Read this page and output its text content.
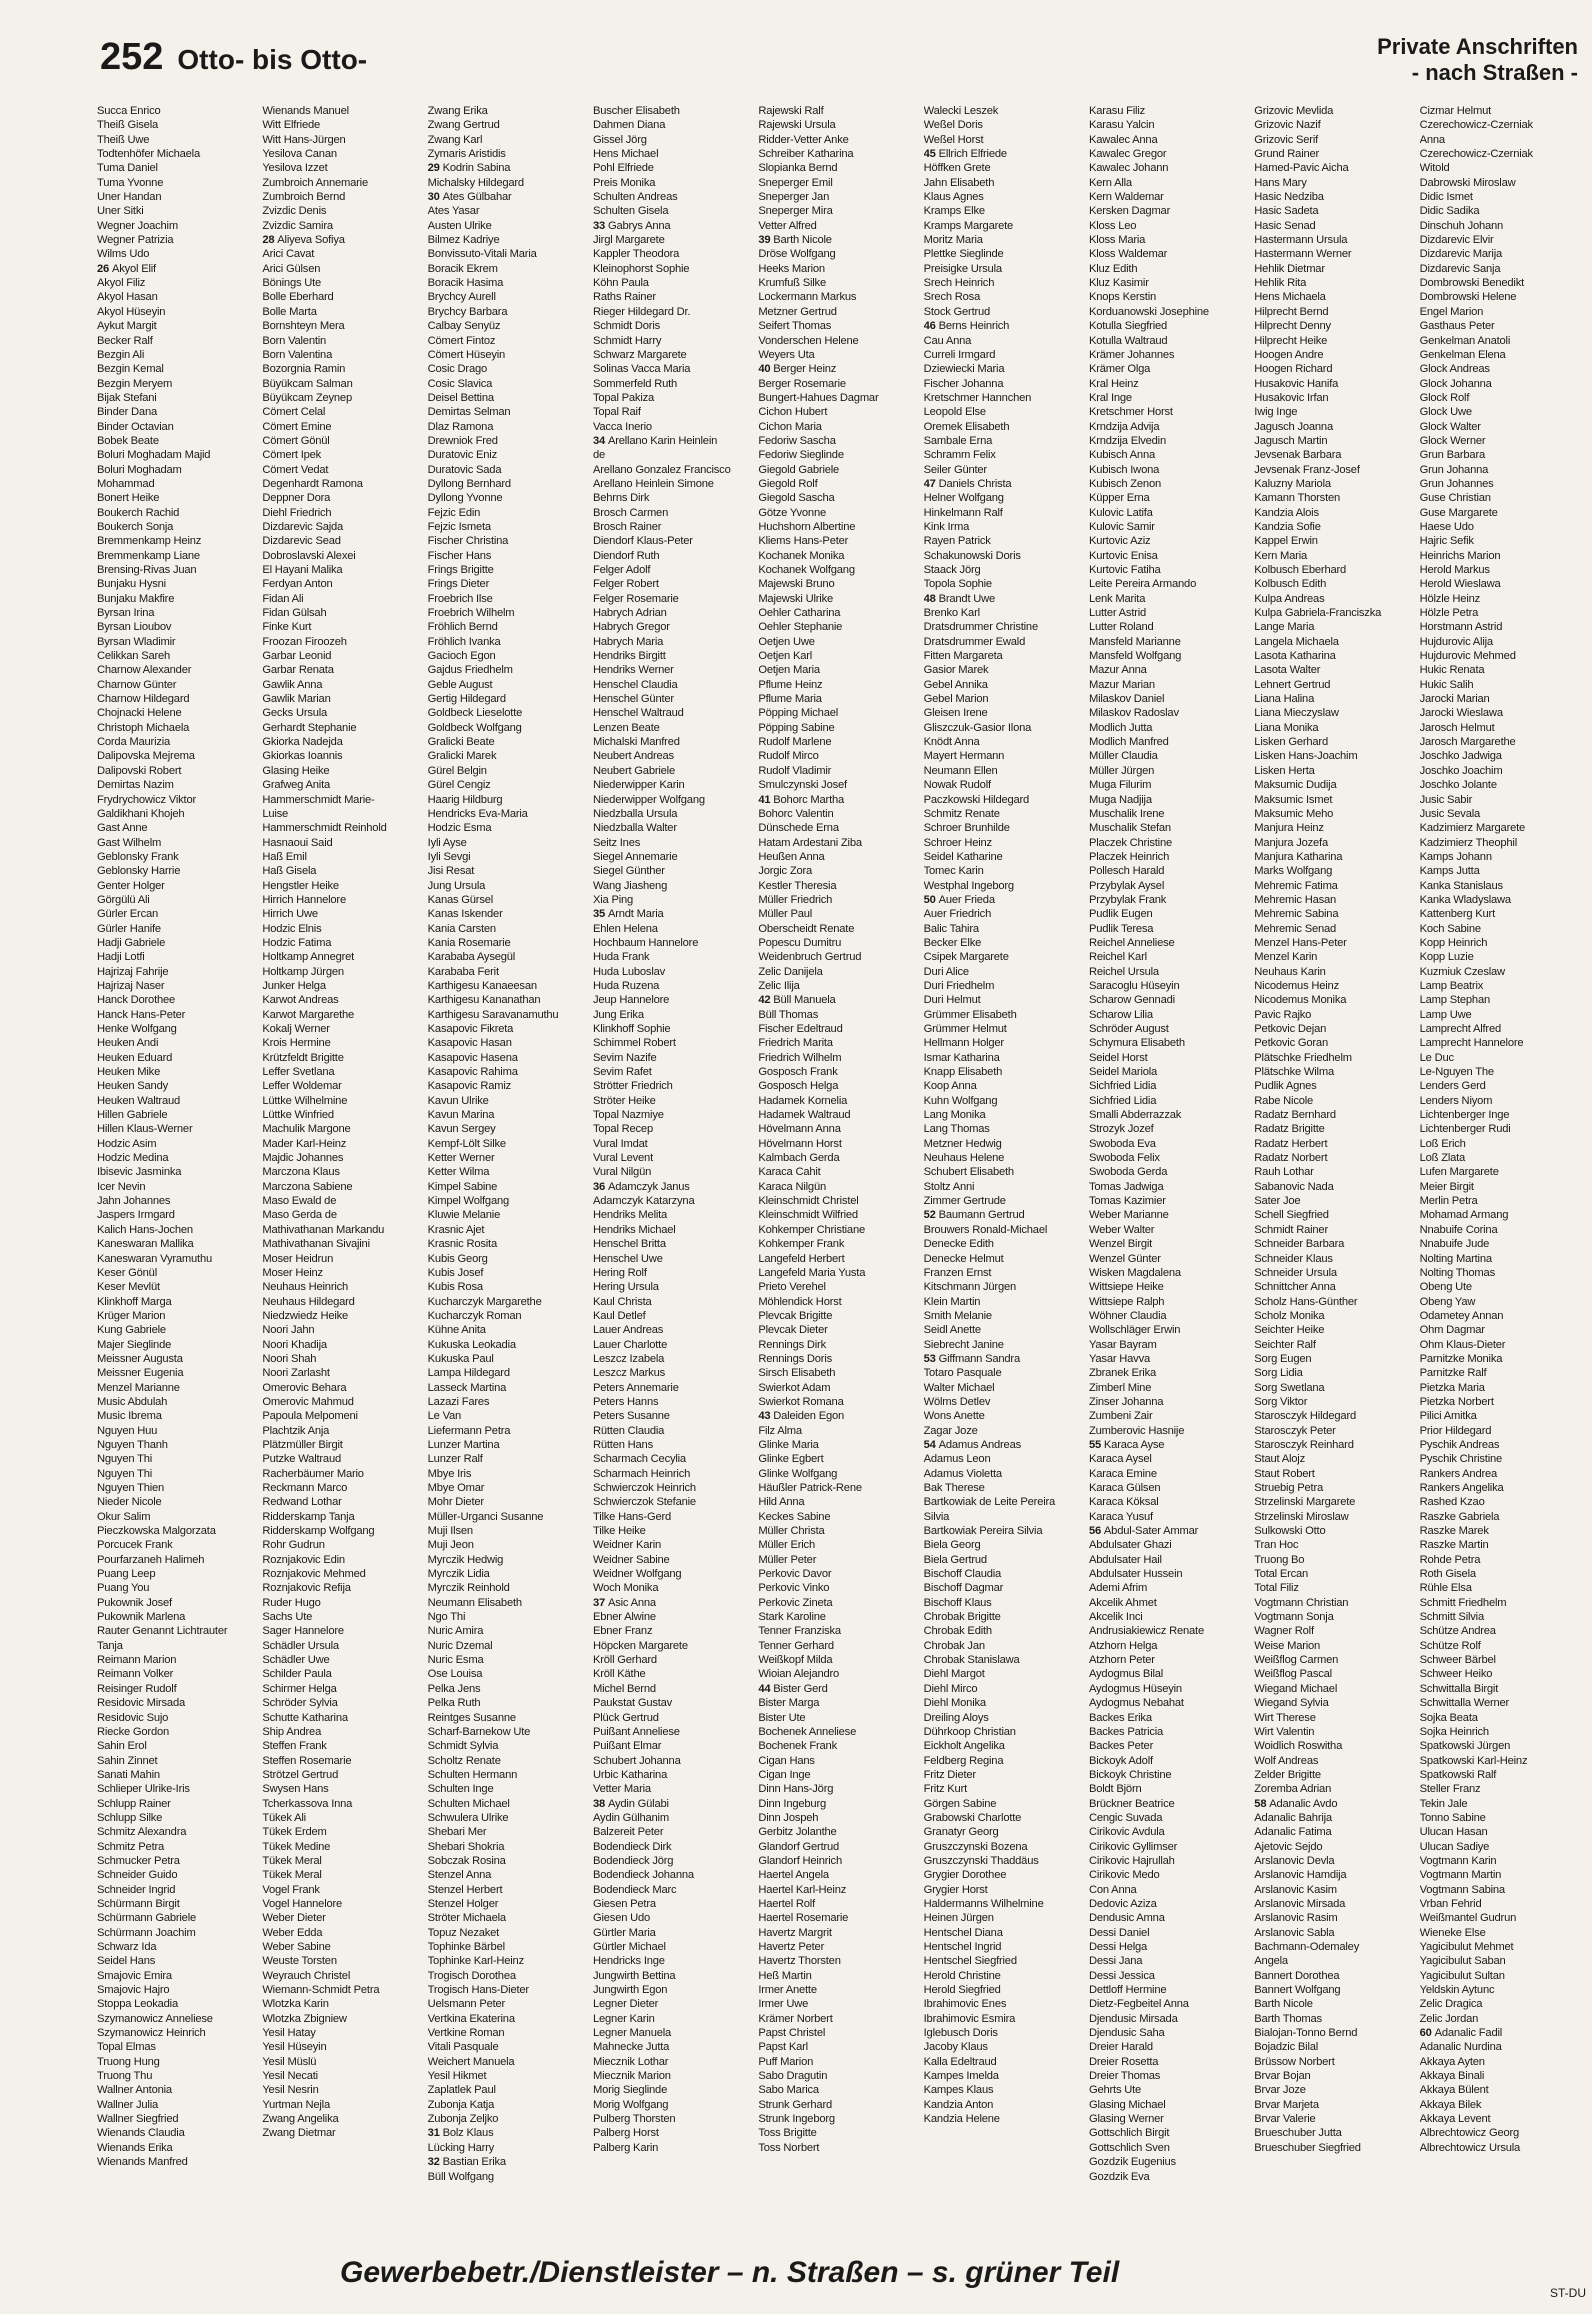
252 Otto- bis Otto-	Private Anschriften
- nach Straßen -
Succa Enrico
Theiß Gisela
Theiß Uwe
Todtenhöfer Michaela
Tuma Daniel
Tuma Yvonne
Uner Handan
Uner Sitki
Wegner Joachim
Wegner Patrizia
Wilms Udo
26 Akyol Elif
Akyol Filiz
Akyol Hasan
Akyol Hüseyin
Aykut Margit
Becker Ralf
Bezgin Ali
Bezgin Kemal
Bezgin Meryem
Bijak Stefani
Binder Dana
Binder Octavian
Bobek Beate
Boluri Moghadam Majid
Boluri Moghadam
Mohammad
Bonert Heike
Boukerch Rachid
Boukerch Sonja
Bremmenkamp Heinz
Bremmenkamp Liane
Brensing-Rivas Juan
Bunjaku Hysni
Bunjaku Makfire
Byrsan Irina
Byrsan Lioubov
Byrsan Wladimir
Celikkan Sareh
Charnow Alexander
Charnow Günter
Charnow Hildegard
Chojnacki Helene
Christoph Michaela
Corda Maurizia
Dalipovska Mejrema
Dalipovski Robert
Demirtas Nazim
Frydrychowicz Viktor
Galdikhani Khojeh
Gast Anne
Gast Wilhelm
Geblonsky Frank
Geblonsky Harrie
Genter Holger
Görgülü Ali
Gürler Ercan
Gürler Hanife
Hadji Gabriele
Hadji Lotfi
Hajrizaj Fahrije
Hajrizaj Naser
Hanck Dorothee
Hanck Hans-Peter
Henke Wolfgang
Heuken Andi
Heuken Eduard
Heuken Mike
Heuken Sandy
Heuken Waltraud
Hillen Gabriele
Hillen Klaus-Werner
Hodzic Asim
Hodzic Medina
Ibisevic Jasminka
Icer Nevin
Jahn Johannes
Jaspers Irmgard
Kalich Hans-Jochen
Kaneswaran Mallika
Kaneswaran Vyramuthu
Keser Gönül
Keser Mevlüt
Klinkhoff Marga
Krüger Marion
Kung Gabriele
Majer Sieglinde
Meissner Augusta
Meissner Eugenia
Menzel Marianne
Music Abdulah
Music Ibrema
Nguyen Huu
Nguyen Thanh
Nguyen Thi
Nguyen Thi
Nguyen Thien
Nieder Nicole
Okur Salim
Pieczkowska Malgorzata
Porcucek Frank
Pourfarzaneh Halimeh
Puang Leep
Puang You
Pukownik Josef
Pukownik Marlena
Rauter Genannt Lichtrauter
Tanja
Reimann Marion
Reimann Volker
Reisinger Rudolf
Residovic Mirsada
Residovic Sujo
Riecke Gordon
Sahin Erol
Sahin Zinnet
Sanati Mahin
Schlieper Ulrike-Iris
Schlupp Rainer
Schlupp Silke
Schmitz Alexandra
Schmitz Petra
Schmucker Petra
Schneider Guido
Schneider Ingrid
Schürmann Birgit
Schürmann Gabriele
Schürmann Joachim
Schwarz Ida
Seidel Hans
Smajovic Emira
Smajovic Hajro
Stoppa Leokadia
Szymanowicz Anneliese
Szymanowicz Heinrich
Topal Elmas
Truong Hung
Truong Thu
Wallner Antonia
Wallner Julia
Wallner Siegfried
Wienands Claudia
Wienands Erika
Wienands Manfred
Wienands Manuel
Witt Elfriede
Witt Hans-Jürgen
Yesilova Canan
Yesilova Izzet
Zumbroich Annemarie
Zumbroich Bernd
Zvizdic Denis
Zvizdic Samira
28 Aliyeva Sofiya
Arici Cavat
Arici Gülsen
Bönings Ute
Bolle Eberhard
Bolle Marta
Bornshteyn Mera
Born Valentin
Born Valentina
Bozorgnia Ramin
Büyükcam Salman
Büyükcam Zeynep
Cömert Celal
Cömert Emine
Cömert Gönül
Cömert Ipek
Cömert Vedat
Degenhardt Ramona
Deppner Dora
Diehl Friedrich
Dizdarevic Sajda
Dizdarevic Sead
Dobroslavski Alexei
El Hayani Malika
Ferdyan Anton
Fidan Ali
Fidan Gülsah
Finke Kurt
Froozan Firoozeh
Garbar Leonid
Garbar Renata
Gawlik Anna
Gawlik Marian
Gecks Ursula
Gerhardt Stephanie
Gkiorka Nadejda
Gkiorkas Ioannis
Glasing Heike
Grafweg Anita
Hammerschmidt Marie-
Luise
Hammerschmidt Reinhold
Hasnaoui Said
Haß Emil
Haß Gisela
Hengstler Heike
Hirrich Hannelore
Hirrich Uwe
Hodzic Elnis
Hodzic Fatima
Holtkamp Annegret
Holtkamp Jürgen
Junker Helga
Karwot Andreas
Karwot Margarethe
Kokalj Werner
Krois Hermine
Krützfeldt Brigitte
Leffer Svetlana
Leffer Woldemar
Lüttke Wilhelmine
Lüttke Winfried
Machulik Margone
Mader Karl-Heinz
Majdic Johannes
Marczona Klaus
Marczona Sabiene
Maso Ewald de
Maso Gerda de
Mathivathanan Markandu
Mathivathanan Sivajini
Moser Heidrun
Moser Heinz
Neuhaus Heinrich
Neuhaus Hildegard
Niedzwiedz Heike
Noori Jahn
Noori Khadija
Noori Shah
Noori Zarlasht
Omerovic Behara
Omerovic Mahmud
Papoula Melpomeni
Plachtzik Anja
Plätzmüller Birgit
Putzke Waltraud
Racherbäumer Mario
Reckmann Marco
Redwand Lothar
Ridderskamp Tanja
Ridderskamp Wolfgang
Rohr Gudrun
Roznjakovic Edin
Roznjakovic Mehmed
Roznjakovic Refija
Ruder Hugo
Sachs Ute
Sager Hannelore
Schädler Ursula
Schädler Uwe
Schilder Paula
Schirmer Helga
Schröder Sylvia
Schutte Katharina
Ship Andrea
Steffen Frank
Steffen Rosemarie
Strötzel Gertrud
Swysen Hans
Tcherkassova Inna
Tükek Ali
Tükek Erdem
Tükek Medine
Tükek Meral
Tükek Meral
Vogel Frank
Vogel Hannelore
Weber Dieter
Weber Edda
Weber Sabine
Weuste Torsten
Weyrauch Christel
Wiemann-Schmidt Petra
Wlotzka Karin
Wlotzka Zbigniew
Yesil Hatay
Yesil Hüseyin
Yesil Müslü
Yesil Necati
Yesil Nesrin
Yurtman Nejla
Zwang Angelika
Zwang Dietmar
Zwang Erika
Zwang Gertrud
Zwang Karl
Zymaris Aristidis
29 Kodrin Sabina
Michalsky Hildegard
30 Ates Gülbahar
Ates Yasar
Austen Ulrike
Bilmez Kadriye
Bonvissuto-Vitali Maria
Boracik Ekrem
Boracik Hasima
Brychcy Aurell
Brychcy Barbara
Calbay Senyüz
Cömert Fintoz
Cömert Hüseyin
Cosic Drago
Cosic Slavica
Deisel Bettina
Demirtas Selman
Dlaz Ramona
Drewniok Fred
Duratovic Eniz
Duratovic Sada
Dyllong Bernhard
Dyllong Yvonne
Fejzic Edin
Fejzic Ismeta
Fischer Christina
Fischer Hans
Frings Brigitte
Frings Dieter
Froebrich Ilse
Froebrich Wilhelm
Fröhlich Bernd
Fröhlich Ivanka
Gacioch Egon
Gajdus Friedhelm
Geble August
Gertig Hildegard
Goldbeck Lieselotte
Goldbeck Wolfgang
Gralicki Beate
Gralicki Marek
Gürel Belgin
Gürel Cengiz
Haarig Hildburg
Hendricks Eva-Maria
Hodzic Esma
Iyli Ayse
Iyli Sevgi
Jisi Resat
Jung Ursula
Kanas Gürsel
Kanas Iskender
Kania Carsten
Kania Rosemarie
Karababa Aysegül
Karababa Ferit
Karthigesu Kanaeesan
Karthigesu Kananathan
Karthigesu Saravanamuthu
Kasapovic Fikreta
Kasapovic Hasan
Kasapovic Hasena
Kasapovic Rahima
Kasapovic Ramiz
Kavun Ulrike
Kavun Marina
Kavun Sergey
Kempf-Lölt Silke
Ketter Werner
Ketter Wilma
Kimpel Sabine
Kimpel Wolfgang
Kluwie Melanie
Krasnic Ajet
Krasnic Rosita
Kubis Georg
Kubis Josef
Kubis Rosa
Kucharczyk Margarethe
Kucharczyk Roman
Kühne Anita
Kukuska Leokadia
Kukuska Paul
Lampa Hildegard
Lasseck Martina
Lazazi Fares
Le Van
Liefermann Petra
Lunzer Martina
Lunzer Ralf
Mbye Iris
Mbye Omar
Mohr Dieter
Müller-Urganci Susanne
Muji Ilsen
Muji Jeon
Myrczik Hedwig
Myrczik Lidia
Myrczik Reinhold
Neumann Elisabeth
Ngo Thi
Nuric Amira
Nuric Dzemal
Nuric Esma
Ose Louisa
Pelka Jens
Pelka Ruth
Reintges Susanne
Scharf-Barnekow Ute
Schmidt Sylvia
Scholtz Renate
Schulten Hermann
Schulten Inge
Schulten Michael
Schwulera Ulrike
Shebari Mer
Shebari Shokria
Sobczak Rosina
Stenzel Anna
Stenzel Herbert
Stenzel Holger
Ströter Michaela
Topuz Nezaket
Tophinke Bärbel
Tophinke Karl-Heinz
Trogisch Dorothea
Trogisch Hans-Dieter
Uelsmann Peter
Vertkina Ekaterina
Vertkine Roman
Vitali Pasquale
Weichert Manuela
Yesil Hikmet
Zaplatlek Paul
Zubonja Katja
Zubonja Zeljko
31 Bolz Klaus
Lücking Harry
32 Bastian Erika
Büll Wolfgang
Buscher Elisabeth
Dahmen Diana
Gissel Jörg
Hens Michael
Pohl Elfriede
Preis Monika
Schulten Andreas
Schulten Gisela
33 Gabrys Anna
Jirgl Margarete
Kappler Theodora
Kleinophorst Sophie
Köhn Paula
Raths Rainer
Rieger Hildegard Dr.
Schmidt Doris
Schmidt Harry
Schwarz Margarete
Solinas Vacca Maria
Sommerfeld Ruth
Topal Pakiza
Topal Raif
Vacca Inerio
34 Arellano Karin Heinlein
de
Arellano Gonzalez Francisco
Arellano Heinlein Simone
Behrns Dirk
Brosch Carmen
Brosch Rainer
Diendorf Klaus-Peter
Diendorf Ruth
Felger Adolf
Felger Robert
Felger Rosemarie
Habrych Adrian
Habrych Gregor
Habrych Maria
Hendriks Birgitt
Hendriks Werner
Henschel Claudia
Henschel Günter
Henschel Waltraud
Lenzen Beate
Michalski Manfred
Neubert Andreas
Neubert Gabriele
Niederwipper Karin
Niederwipper Wolfgang
Niedzballa Ursula
Niedzballa Walter
Seitz Ines
Siegel Annemarie
Siegel Günther
Wang Jiasheng
Xia Ping
35 Arndt Maria
Ehlen Helena
Hochbaum Hannelore
Huda Frank
Huda Luboslav
Huda Ruzena
Jeup Hannelore
Jung Erika
Klinkhoff Sophie
Schimmel Robert
Sevim Nazife
Sevim Rafet
Strötter Friedrich
Ströter Heike
Topal Nazmiye
Topal Recep
Vural Imdat
Vural Levent
Vural Nilgün
36 Adamczyk Janus
Adamczyk Katarzyna
Hendriks Melita
Hendriks Michael
Henschel Britta
Henschel Uwe
Hering Rolf
Hering Ursula
Kaul Christa
Kaul Detlef
Lauer Andreas
Lauer Charlotte
Leszcz Izabela
Leszcz Markus
Peters Annemarie
Peters Hanns
Peters Susanne
Rütten Claudia
Rütten Hans
Scharmach Cecylia
Scharmach Heinrich
Schwierczok Heinrich
Schwierczok Stefanie
Tilke Hans-Gerd
Tilke Heike
Weidner Karin
Weidner Sabine
Weidner Wolfgang
Woch Monika
37 Asic Anna
Ebner Alwine
Ebner Franz
Höpcken Margarete
Kröll Gerhard
Kröll Käthe
Michel Bernd
Paukstat Gustav
Plück Gertrud
Puißant Anneliese
Puißant Elmar
Schubert Johanna
Urbic Katharina
Vetter Maria
38 Aydin Gülabi
Aydin Gülhanim
Balzereit Peter
Bodendieck Dirk
Bodendieck Jörg
Bodendieck Johanna
Bodendieck Marc
Giesen Petra
Giesen Udo
Gürtler Maria
Gürtler Michael
Hendricks Inge
Jungwirth Bettina
Jungwirth Egon
Legner Dieter
Legner Karin
Legner Manuela
Mahnecke Jutta
Miecznik Lothar
Miecznik Marion
Morig Sieglinde
Morig Wolfgang
Pulberg Thorsten
Palberg Horst
Palberg Karin
Rajewski Ralf
Rajewski Ursula
Ridder-Vetter Anke
Schreiber Katharina
Slopianka Bernd
Sneperger Emil
Sneperger Jan
Sneperger Mira
Vetter Alfred
39 Barth Nicole
Dröse Wolfgang
Heeks Marion
Krumfuß Silke
Lockermann Markus
Metzner Gertrud
Seifert Thomas
Vonderschen Helene
Weyers Uta
40 Berger Heinz
Berger Rosemarie
Bungert-Hahues Dagmar
Cichon Hubert
Cichon Maria
Fedoriw Sascha
Fedoriw Sieglinde
Giegold Gabriele
Giegold Rolf
Giegold Sascha
Götze Yvonne
Huchshorn Albertine
Kliems Hans-Peter
Kochanek Monika
Kochanek Wolfgang
Majewski Bruno
Majewski Ulrike
Oehler Catharina
Oehler Stephanie
Oetjen Uwe
Oetjen Karl
Oetjen Maria
Pflume Heinz
Pflume Maria
Pöpping Michael
Pöpping Sabine
Rudolf Marlene
Rudolf Mirco
Rudolf Vladimir
Smulczynski Josef
41 Bohorc Martha
Bohorc Valentin
Dünschede Erna
Hatam Ardestani Ziba
Heußen Anna
Jorgic Zora
Kestler Theresia
Müller Friedrich
Müller Paul
Oberscheidt Renate
Popescu Dumitru
Weidenbruch Gertrud
Zelic Danijela
Zelic Ilija
42 Büll Manuela
Büll Thomas
Fischer Edeltraud
Friedrich Marita
Friedrich Wilhelm
Gosposch Frank
Gosposch Helga
Hadamek Kornelia
Hadamek Waltraud
Hövelmann Anna
Hövelmann Horst
Kalmbach Gerda
Karaca Cahit
Karaca Nilgün
Kleinschmidt Christel
Kleinschmidt Wilfried
Kohkemper Christiane
Kohkemper Frank
Langefeld Herbert
Langefeld Maria Yusta
Prieto Verehel
Möhlendick Horst
Plevcak Brigitte
Plevcak Dieter
Rennings Dirk
Rennings Doris
Sirsch Elisabeth
Swierkot Adam
Swierkot Romana
43 Daleiden Egon
Filz Alma
Glinke Maria
Glinke Egbert
Glinke Wolfgang
Häußler Patrick-Rene
Hild Anna
Keckes Sabine
Müller Christa
Müller Erich
Müller Peter
Perkovic Davor
Perkovic Vinko
Perkovic Zineta
Stark Karoline
Tenner Franziska
Tenner Gerhard
Weißkopf Milda
Wioian Alejandro
44 Bister Gerd
Bister Marga
Bister Ute
Bochenek Anneliese
Bochenek Frank
Cigan Hans
Cigan Inge
Dinn Hans-Jörg
Dinn Ingeburg
Dinn Jospeh
Gerbitz Jolanthe
Glandorf Gertrud
Glandorf Heinrich
Haertel Angela
Haertel Karl-Heinz
Haertel Rolf
Haertel Rosemarie
Havertz Margrit
Havertz Peter
Havertz Thorsten
Heß Martin
Irmer Anette
Irmer Uwe
Krämer Norbert
Papst Christel
Papst Karl
Puff Marion
Sabo Dragutin
Sabo Marica
Strunk Gerhard
Strunk Ingeborg
Toss Brigitte
Toss Norbert
Walecki Leszek
Weßel Doris
Weßel Horst
45 Ellrich Elfriede
Höffken Grete
Jahn Elisabeth
Klaus Agnes
Kramps Elke
Kramps Margarete
Moritz Maria
Plettke Sieglinde
Preisigke Ursula
Srech Heinrich
Srech Rosa
Stock Gertrud
46 Berns Heinrich
Cau Anna
Curreli Irmgard
Dziewiecki Maria
Fischer Johanna
Kretschmer Hannchen
Leopold Else
Oremek Elisabeth
Sambale Erna
Schramm Felix
Seiler Günter
47 Daniels Christa
Helner Wolfgang
Hinkelmann Ralf
Kink Irma
Rayen Patrick
Schakunowski Doris
Staack Jörg
Topola Sophie
48 Brandt Uwe
Brenko Karl
Dratsdrummer Christine
Dratsdrummer Ewald
Fitten Margareta
Gasior Marek
Gebel Annika
Gebel Marion
Gleisen Irene
Gliszczuk-Gasior Ilona
Knödt Anna
Mayert Hermann
Neumann Ellen
Nowak Rudolf
Paczkowski Hildegard
Schmitz Renate
Schroer Brunhilde
Schroer Heinz
Seidel Katharine
Tomec Karin
Westphal Ingeborg
50 Auer Frieda
Auer Friedrich
Balic Tahira
Becker Elke
Csipek Margarete
Duri Alice
Duri Friedhelm
Duri Helmut
Grümmer Elisabeth
Grümmer Helmut
Hellmann Holger
Ismar Katharina
Knapp Elisabeth
Koop Anna
Kuhn Wolfgang
Lang Monika
Lang Thomas
Metzner Hedwig
Neuhaus Helene
Schubert Elisabeth
Stoltz Anni
Zimmer Gertrude
52 Baumann Gertrud
Brouwers Ronald-Michael
Denecke Edith
Denecke Helmut
Franzen Ernst
Kitschmann Jürgen
Klein Martin
Smith Melanie
Seidl Anette
Siebrecht Janine
53 Giffmann Sandra
Totaro Pasquale
Walter Michael
Wölms Detlev
Wons Anette
Zagar Joze
54 Adamus Andreas
Adamus Leon
Adamus Violetta
Bak Therese
Bartkowiak de Leite Pereira
Silvia
Bartkowiak Pereira Silvia
Biela Georg
Biela Gertrud
Bischoff Claudia
Bischoff Dagmar
Bischoff Klaus
Chrobak Brigitte
Chrobak Edith
Chrobak Jan
Chrobak Stanislawa
Diehl Margot
Diehl Mirco
Diehl Monika
Dreiling Aloys
Dührkoop Christian
Eickholt Angelika
Feldberg Regina
Fritz Dieter
Fritz Kurt
Görgen Sabine
Grabowski Charlotte
Granatyr Georg
Gruszczynski Bozena
Gruszczynski Thaddäus
Grygier Dorothee
Grygier Horst
Haldermanns Wilhelmine
Heinen Jürgen
Hentschel Diana
Hentschel Ingrid
Hentschel Siegfried
Herold Christine
Herold Siegfried
Ibrahimovic Enes
Ibrahimovic Esmira
Iglebusch Doris
Jacoby Klaus
Kalla Edeltraud
Kampes Imelda
Kampes Klaus
Kandzia Anton
Kandzia Helene
Karasu Filiz
Karasu Yalcin
Kawalec Anna
Kawalec Gregor
Kawalec Johann
Kern Alla
Kern Waldemar
Kersken Dagmar
Kloss Leo
Kloss Maria
Kloss Waldemar
Kluz Edith
Kluz Kasimir
Knops Kerstin
Korduanowski Josephine
Kotulla Siegfried
Kotulla Waltraud
Krämer Johannes
Krämer Olga
Kral Heinz
Kral Inge
Kretschmer Horst
Krndzija Advija
Krndzija Elvedin
Kubisch Anna
Kubisch Iwona
Kubisch Zenon
Küpper Erna
Kulovic Latifa
Kulovic Samir
Kurtovic Aziz
Kurtovic Enisa
Kurtovic Fatiha
Leite Pereira Armando
Lenk Marita
Lutter Astrid
Lutter Roland
Mansfeld Marianne
Mansfeld Wolfgang
Mazur Anna
Mazur Marian
Milaskov Daniel
Milaskov Radoslav
Modlich Jutta
Modlich Manfred
Müller Claudia
Müller Jürgen
Muga Filurim
Muga Nadjija
Muschalik Irene
Muschalik Stefan
Placzek Christine
Placzek Heinrich
Pollesch Harald
Przybylak Aysel
Przybylak Frank
Pudlik Eugen
Pudlik Teresa
Reichel Anneliese
Reichel Karl
Reichel Ursula
Saracoglu Hüseyin
Scharow Gennadi
Scharow Lilia
Schröder August
Schymura Elisabeth
Seidel Horst
Seidel Mariola
Sichfried Lidia
Sichfried Lidia
Smalli Abderrazzak
Strozyk Jozef
Swoboda Eva
Swoboda Felix
Swoboda Gerda
Tomas Jadwiga
Tomas Kazimier
Weber Marianne
Weber Walter
Wenzel Birgit
Wenzel Günter
Wisken Magdalena
Wittsiepe Heike
Wittsiepe Ralph
Wöhner Claudia
Wollschläger Erwin
Yasar Bayram
Yasar Havva
Zbranek Erika
Zimberl Mine
Zinser Johanna
Zumbeni Zair
Zumberovic Hasnije
55 Karaca Ayse
Karaca Aysel
Karaca Emine
Karaca Gülsen
Karaca Köksal
Karaca Yusuf
56 Abdul-Sater Ammar
Abdulsater Ghazi
Abdulsater Hail
Abdulsater Hussein
Ademi Afrim
Akcelik Ahmet
Akcelik Inci
Andrusiakiewicz Renate
Atzhorn Helga
Atzhorn Peter
Aydogmus Bilal
Aydogmus Hüseyin
Aydogmus Nebahat
Backes Erika
Backes Patricia
Backes Peter
Bickoyk Adolf
Bickoyk Christine
Boldt Björn
Brückner Beatrice
Cengic Suvada
Cirikovic Avdula
Cirikovic Gyllimser
Cirikovic Hajrullah
Cirikovic Medo
Con Anna
Dedovic Aziza
Dendusic Amna
Dessi Daniel
Dessi Helga
Dessi Jana
Dessi Jessica
Dettloff Hermine
Dietz-Fegbeitel Anna
Djendusic Mirsada
Djendusic Saha
Dreier Harald
Dreier Rosetta
Dreier Thomas
Gehrts Ute
Glasing Michael
Glasing Werner
Gottschlich Birgit
Gottschlich Sven
Gozdzik Eugenius
Gozdzik Eva
Grizovic Mevlida
Grizovic Nazif
Grizovic Serif
Grund Rainer
Hamed-Pavic Aicha
Hans Mary
Hasic Nedziba
Hasic Sadeta
Hasic Senad
Hastermann Ursula
Hastermann Werner
Hehlik Dietmar
Hehlik Rita
Hens Michaela
Hilprecht Bernd
Hilprecht Denny
Hilprecht Heike
Hoogen Andre
Hoogen Richard
Husakovic Hanifa
Husakovic Irfan
Iwig Inge
Jagusch Joanna
Jagusch Martin
Jevsenak Barbara
Jevsenak Franz-Josef
Kaluzny Mariola
Kamann Thorsten
Kandzia Alois
Kandzia Sofie
Kappel Erwin
Kern Maria
Kolbusch Eberhard
Kolbusch Edith
Kulpa Andreas
Kulpa Gabriela-Franciszka
Lange Maria
Langela Michaela
Lasota Katharina
Lasota Walter
Lehnert Gertrud
Liana Halina
Liana Mieczyslaw
Liana Monika
Lisken Gerhard
Lisken Hans-Joachim
Lisken Herta
Maksumic Dudija
Maksumic Ismet
Maksumic Meho
Manjura Heinz
Manjura Jozefa
Manjura Katharina
Marks Wolfgang
Mehremic Fatima
Mehremic Hasan
Mehremic Sabina
Mehremic Senad
Menzel Hans-Peter
Menzel Karin
Neuhaus Karin
Nicodemus Heinz
Nicodemus Monika
Pavic Rajko
Petkovic Dejan
Petkovic Goran
Plätschke Friedhelm
Plätschke Wilma
Pudlik Agnes
Rabe Nicole
Radatz Bernhard
Radatz Brigitte
Radatz Herbert
Radatz Norbert
Rauh Lothar
Sabanovic Nada
Sater Joe
Schell Siegfried
Schmidt Rainer
Schneider Barbara
Schneider Klaus
Schneider Ursula
Schnittcher Anna
Scholz Hans-Günther
Scholz Monika
Seichter Heike
Seichter Ralf
Sorg Eugen
Sorg Lidia
Sorg Swetlana
Sorg Viktor
Starosczyk Hildegard
Starosczyk Peter
Starosczyk Reinhard
Staut Alojz
Staut Robert
Struebig Petra
Strzelinski Margarete
Strzelinski Miroslaw
Sulkowski Otto
Tran Hoc
Truong Bo
Total Ercan
Total Filiz
Vogtmann Christian
Vogtmann Sonja
Wagner Rolf
Weise Marion
Weißflog Carmen
Weißflog Pascal
Wiegand Michael
Wiegand Sylvia
Wirt Therese
Wirt Valentin
Woidlich Roswitha
Wolf Andreas
Zelder Brigitte
Zoremba Adrian
58 Adanalic Avdo
Adanalic Bahrija
Adanalic Fatima
Ajetovic Sejdo
Arslanovic Devla
Arslanovic Hamdija
Arslanovic Kasim
Arslanovic Mirsada
Arslanovic Rasim
Arslanovic Sabla
Bachmann-Odemaley
Angela
Bannert Dorothea
Bannert Wolfgang
Barth Nicole
Barth Thomas
Bialojan-Tonno Bernd
Bojadzic Bilal
Brüssow Norbert
Brvar Bojan
Brvar Joze
Brvar Marjeta
Brvar Valerie
Brueschuber Jutta
Brueschuber Siegfried
Cizmar Helmut
Czerechowicz-Czerniak
Anna
Czerechowicz-Czerniak
Witold
Dabrowski Miroslaw
Didic Ismet
Didic Sadika
Dinschuh Johann
Dizdarevic Elvir
Dizdarevic Marija
Dizdarevic Sanja
Dombrowski Benedikt
Dombrowski Helene
Engel Marion
Gasthaus Peter
Genkelman Anatoli
Genkelman Elena
Glock Andreas
Glock Johanna
Glock Rolf
Glock Uwe
Glock Walter
Glock Werner
Grun Barbara
Grun Johanna
Grun Johannes
Guse Christian
Guse Margarete
Haese Udo
Hajric Sefik
Heinrichs Marion
Herold Markus
Herold Wieslawa
Hölzle Heinz
Hölzle Petra
Horstmann Astrid
Hujdurovic Alija
Hujdurovic Mehmed
Hukic Renata
Hukic Salih
Jarocki Marian
Jarocki Wieslawa
Jarosch Helmut
Jarosch Margarethe
Joschko Jadwiga
Joschko Joachim
Joschko Jolante
Jusic Sabir
Jusic Sevala
Kadzimierz Margarete
Kadzimierz Theophil
Kamps Johann
Kamps Jutta
Kanka Stanislaus
Kanka Wladyslawa
Kattenberg Kurt
Koch Sabine
Kopp Heinrich
Kopp Luzie
Kuzmiuk Czeslaw
Lamp Beatrix
Lamp Stephan
Lamp Uwe
Lamprecht Alfred
Lamprecht Hannelore
Le Duc
Le-Nguyen The
Lenders Gerd
Lenders Niyom
Lichtenberger Inge
Lichtenberger Rudi
Loß Erich
Loß Zlata
Lufen Margarete
Meier Birgit
Merlin Petra
Mohamad Armang
Nnabuife Corina
Nnabuife Jude
Nolting Martina
Nolting Thomas
Obeng Ute
Obeng Yaw
Odametey Annan
Ohm Dagmar
Ohm Klaus-Dieter
Parnitzke Monika
Parnitzke Ralf
Pietzka Maria
Pietzka Norbert
Pilici Amitka
Prior Hildegard
Pyschik Andreas
Pyschik Christine
Rankers Andrea
Rankers Angelika
Rashed Kzao
Raszke Gabriela
Raszke Marek
Raszke Martin
Rohde Petra
Roth Gisela
Rühle Elsa
Schmitt Friedhelm
Schmitt Silvia
Schütze Andrea
Schütze Rolf
Schweer Bärbel
Schweer Heiko
Schwittalla Birgit
Schwittalla Werner
Sojka Beata
Sojka Heinrich
Spatkowski Jürgen
Spatkowski Karl-Heinz
Spatkowski Ralf
Steller Franz
Tekin Jale
Tonno Sabine
Ulucan Hasan
Ulucan Sadiye
Vogtmann Karin
Vogtmann Martin
Vogtmann Sabina
Vrban Fehrid
Weißmantel Gudrun
Wieneke Else
Yagicibulut Mehmet
Yagicibulut Saban
Yagicibulut Sultan
Yeldskin Aytunc
Zelic Dragica
Zelic Jordan
60 Adanalic Fadil
Adanalic Nurdina
Akkaya Ayten
Akkaya Binali
Akkaya Bülent
Akkaya Bilek
Akkaya Levent
Albrechtowicz Georg
Albrechtowicz Ursula
Gewerbebetr./Dienstleister – n. Straßen – s. grüner Teil
ST-DU
